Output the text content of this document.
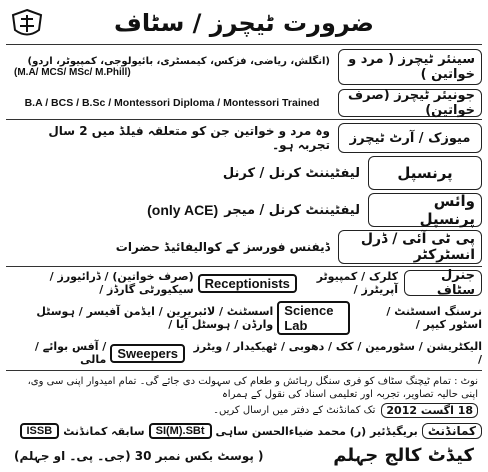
ضرورت ٹیچرز / سٹاف
سینئر ٹیچرز ( مرد و خواتین )
(انگلش، ریاضی، فزکس، کیمسٹری، بائیولوجی، کمپیوٹر، اردو)
(M.A/ MCS/ MSc/ M.Phill)
جونیئر ٹیچرز (صرف خواتین)
B.A / BCS / B.Sc / Montessori Diploma / Montessori Trained
میوزک / آرٹ ٹیچرز
وہ مرد و خواتین جن کو متعلقہ فیلڈ میں 2 سال تجربہ ہو۔
پرنسپل
لیفٹیننٹ کرنل / کرنل
وائس پرنسپل
لیفٹیننٹ کرنل / میجر
(only ACE)
پی ٹی آئی / ڈرل انسٹرکٹر
ڈیفنس فورسز کے کوالیفائیڈ حضرات
جنرل سٹاف
کلرک / کمپیوٹر آپریٹرز /
Receptionists
(صرف خواتین) / ڈرائیورز / سیکیورٹی گارڈز /
نرسنگ اسسٹنٹ / اسٹور کیپر /
Science Lab
اسسٹنٹ / لائبریرین / ایڈمن آفیسر / ہوسٹل وارڈن / ہوسٹل آیا /
الیکٹریشن / سٹورمین / کک / دھوبی / ٹھیکیدار / ویٹرز /
Sweepers
/ آفس بوائے / مالی
نوٹ : تمام ٹیچنگ سٹاف کو فری سنگل رہائش و طعام کی سہولت دی جائے گی۔ تمام امیدوار اپنی سی وی، اپنی حالیہ تصاویر، تجربہ اور تعلیمی اسناد کی نقول کے ہمراہ
18 اگست 2012
تک کمانڈنٹ کے دفتر میں ارسال کریں۔
کمانڈنٹ
بریگیڈئیر (ر) محمد ضیاءالحسن ساہی
SI(M).SBt
سابقہ کمانڈنٹ
ISSB
کیڈٹ کالج جہلم
( پوسٹ بکس نمبر 30 (جی۔ پی۔ او جہلم)
